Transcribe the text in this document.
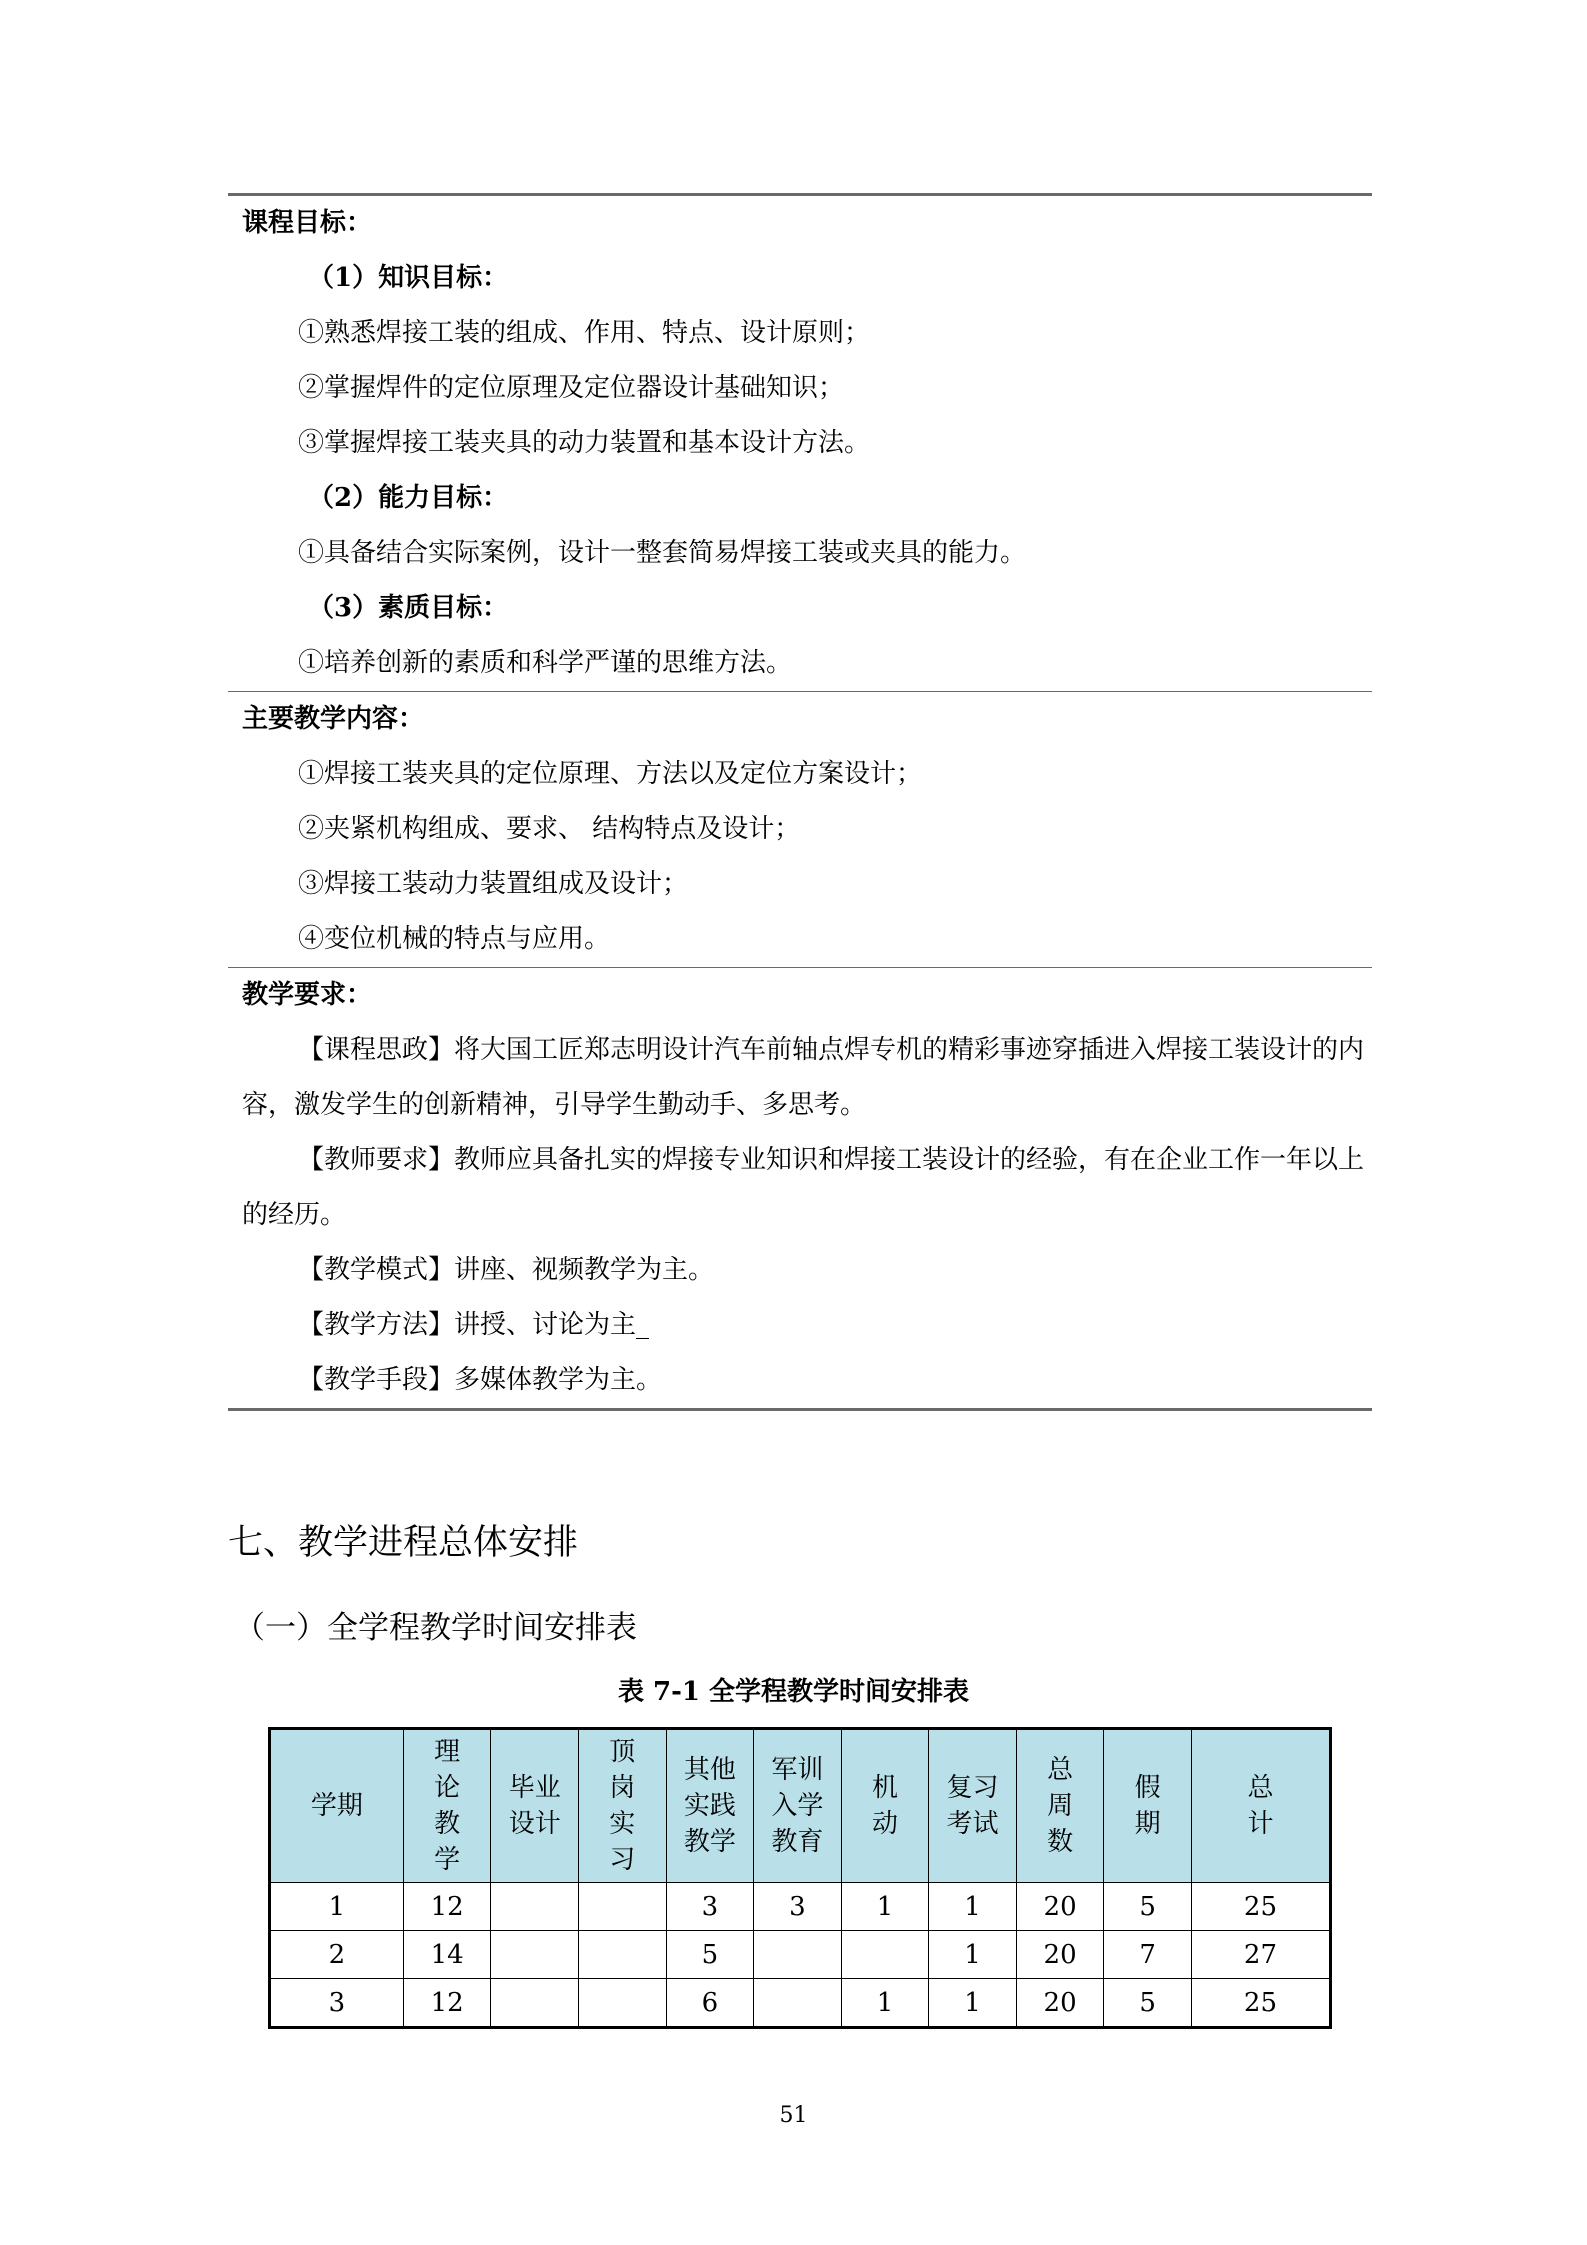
课程目标：
（1）知识目标：
①熟悉焊接工装的组成、作用、特点、设计原则；
②掌握焊件的定位原理及定位器设计基础知识；
③掌握焊接工装夹具的动力装置和基本设计方法。
（2）能力目标：
①具备结合实际案例，设计一整套简易焊接工装或夹具的能力。
（3）素质目标：
①培养创新的素质和科学严谨的思维方法。
主要教学内容：
①焊接工装夹具的定位原理、方法以及定位方案设计；
②夹紧机构组成、要求、 结构特点及设计；
③焊接工装动力装置组成及设计；
④变位机械的特点与应用。
教学要求：
【课程思政】将大国工匠郑志明设计汽车前轴点焊专机的精彩事迹穿插进入焊接工装设计的内容，激发学生的创新精神，引导学生勤动手、多思考。
【教师要求】教师应具备扎实的焊接专业知识和焊接工装设计的经验，有在企业工作一年以上的经历。
【教学模式】讲座、视频教学为主。
【教学方法】讲授、讨论为主_
【教学手段】多媒体教学为主。
七、教学进程总体安排
（一）全学程教学时间安排表
表 7-1 全学程教学时间安排表
学期	理
论
教
学	毕业
设计	顶
岗
实
习	其他
实践
教学	军训
入学
教育	机
动	复习
考试	总
周
数	假
期	总
计
1	12			3	3	1	1	20	5	25
2	14			5			1	20	7	27
3	12			6		1	1	20	5	25
51
